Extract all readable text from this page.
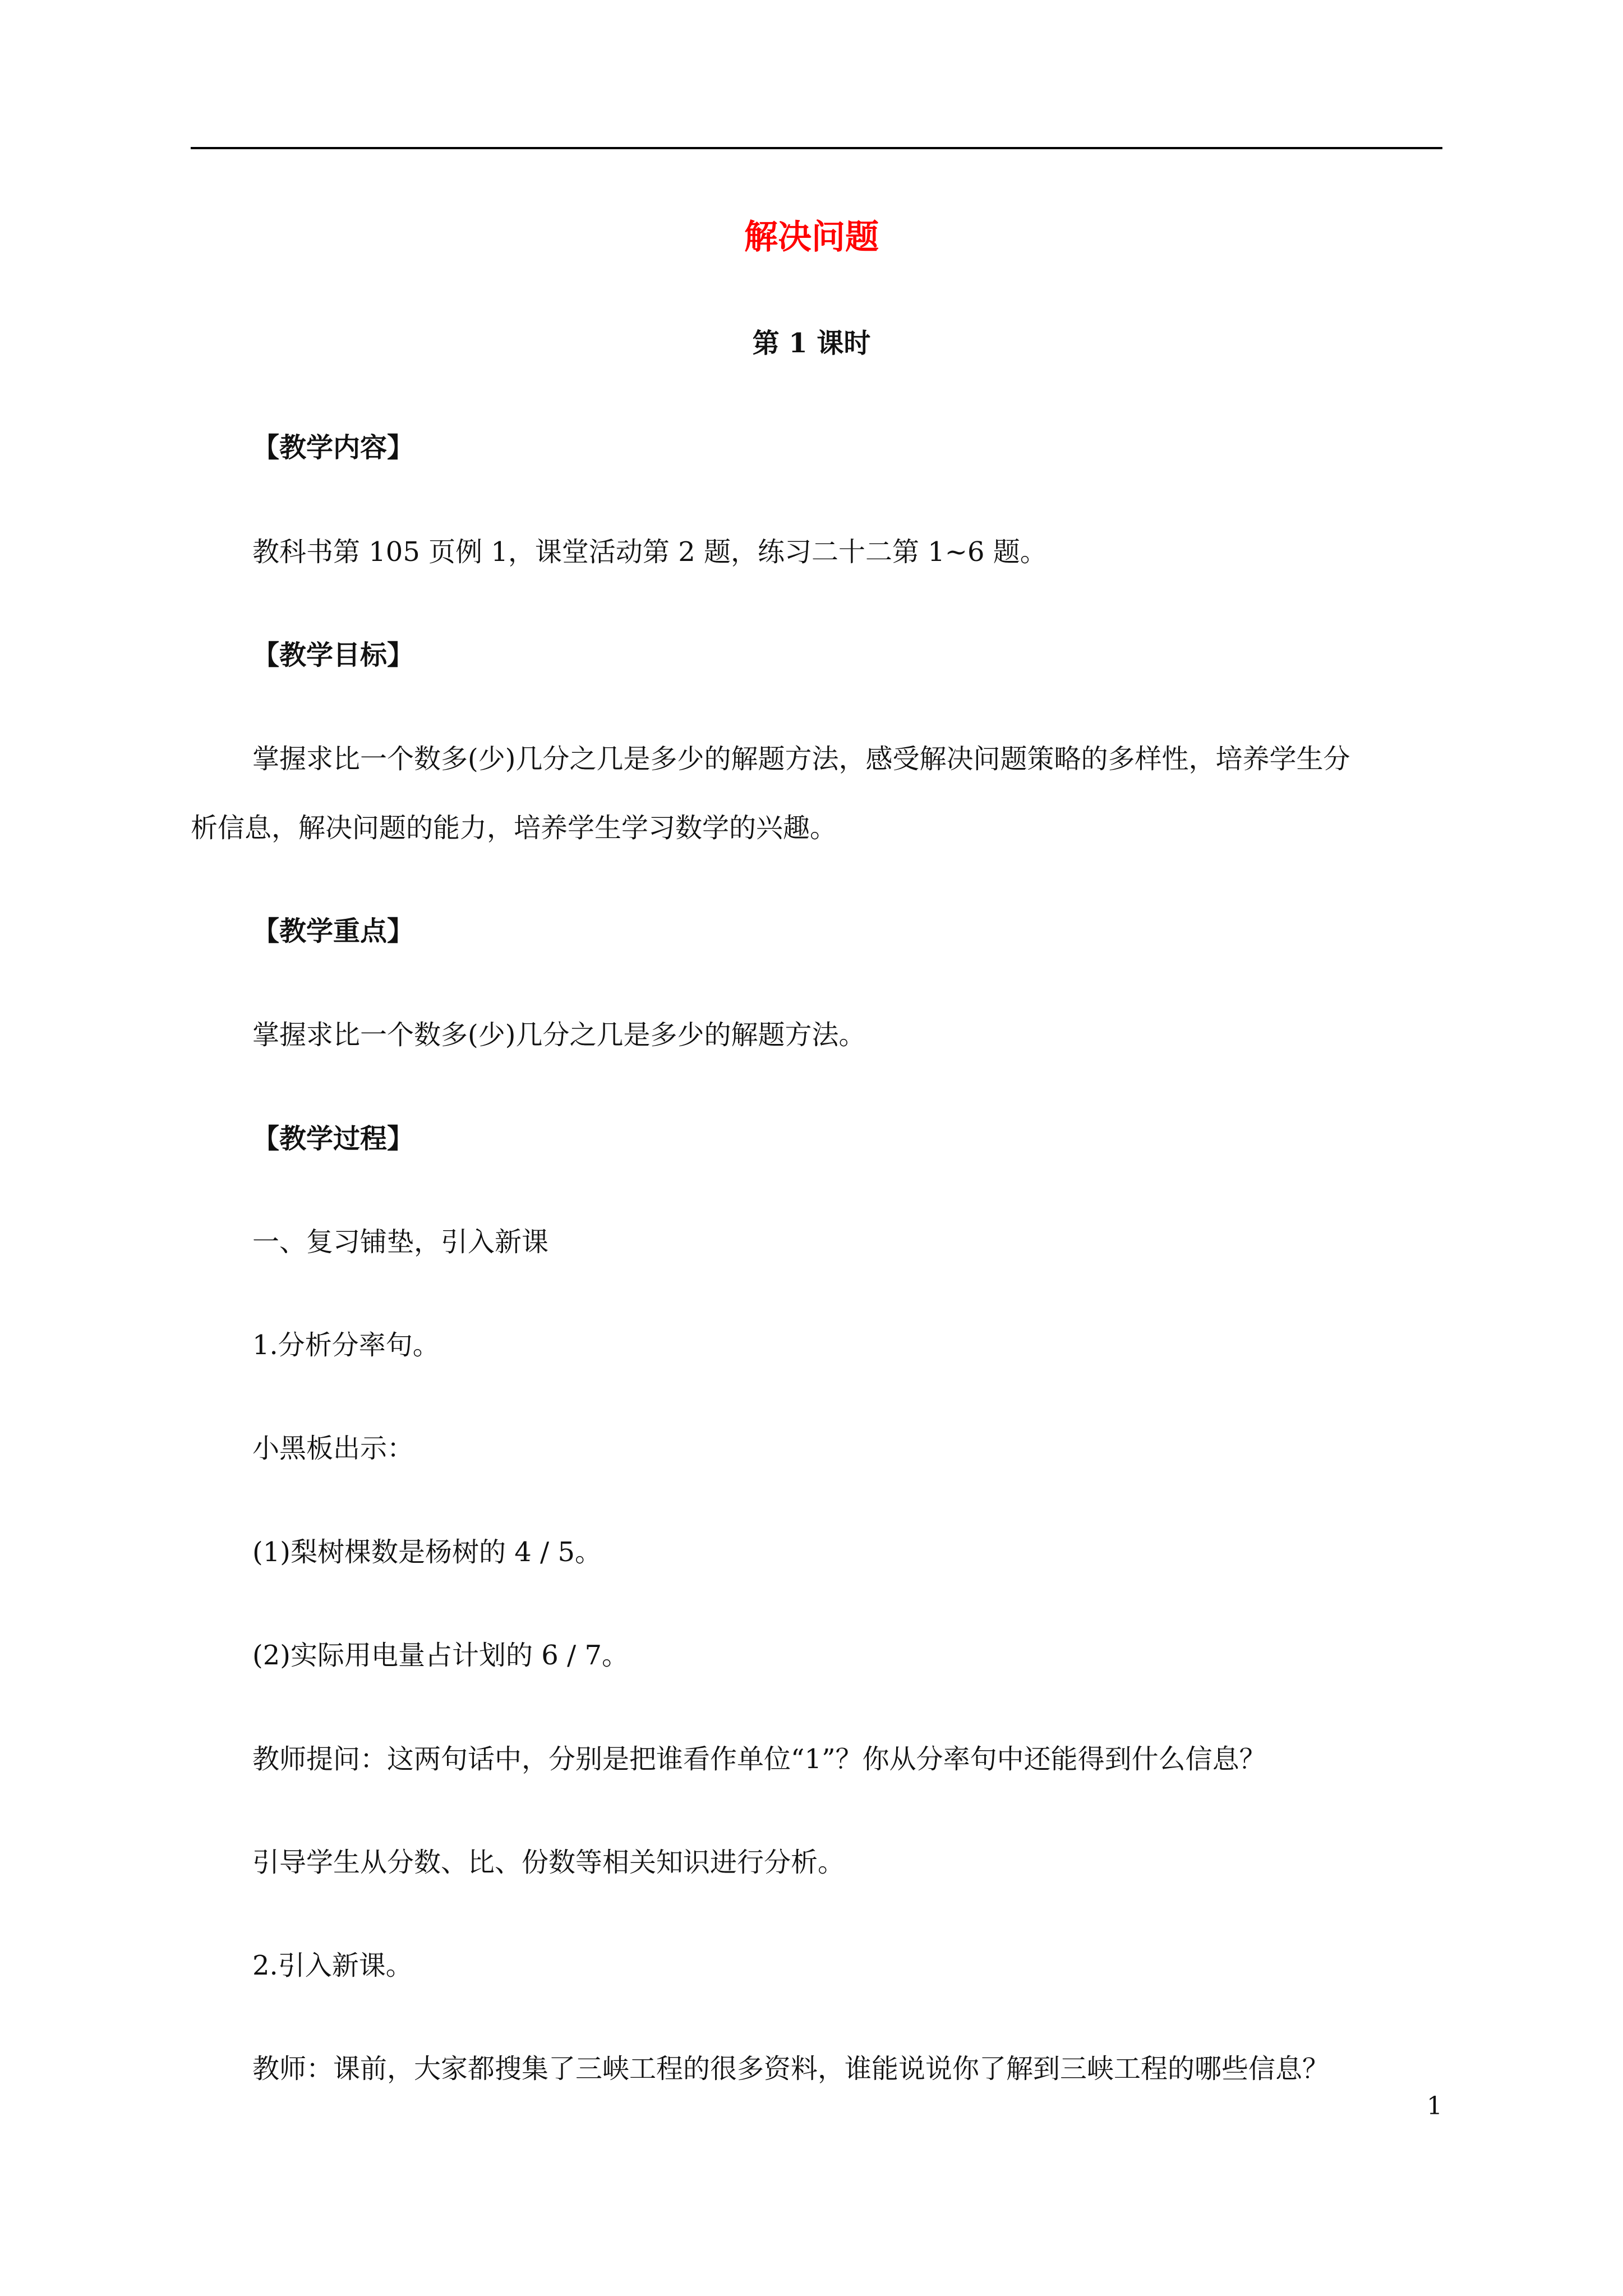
解决问题
第 1 课时

【教学内容】

教科书第 105 页例 1，课堂活动第 2 题，练习二十二第 1~6 题。

【教学目标】

掌握求比一个数多(少)几分之几是多少的解题方法，感受解决问题策略的多样性，培养学生分

析信息，解决问题的能力，培养学生学习数学的兴趣。

【教学重点】

掌握求比一个数多(少)几分之几是多少的解题方法。

【教学过程】

一、复习铺垫，引入新课

1.分析分率句。

小黑板出示：

(1)梨树棵数是杨树的 4 / 5。

(2)实际用电量占计划的 6 / 7。

教师提问：这两句话中，分别是把谁看作单位“1”？你从分率句中还能得到什么信息？

引导学生从分数、比、份数等相关知识进行分析。

2.引入新课。

教师：课前，大家都搜集了三峡工程的很多资料，谁能说说你了解到三峡工程的哪些信息？

1
